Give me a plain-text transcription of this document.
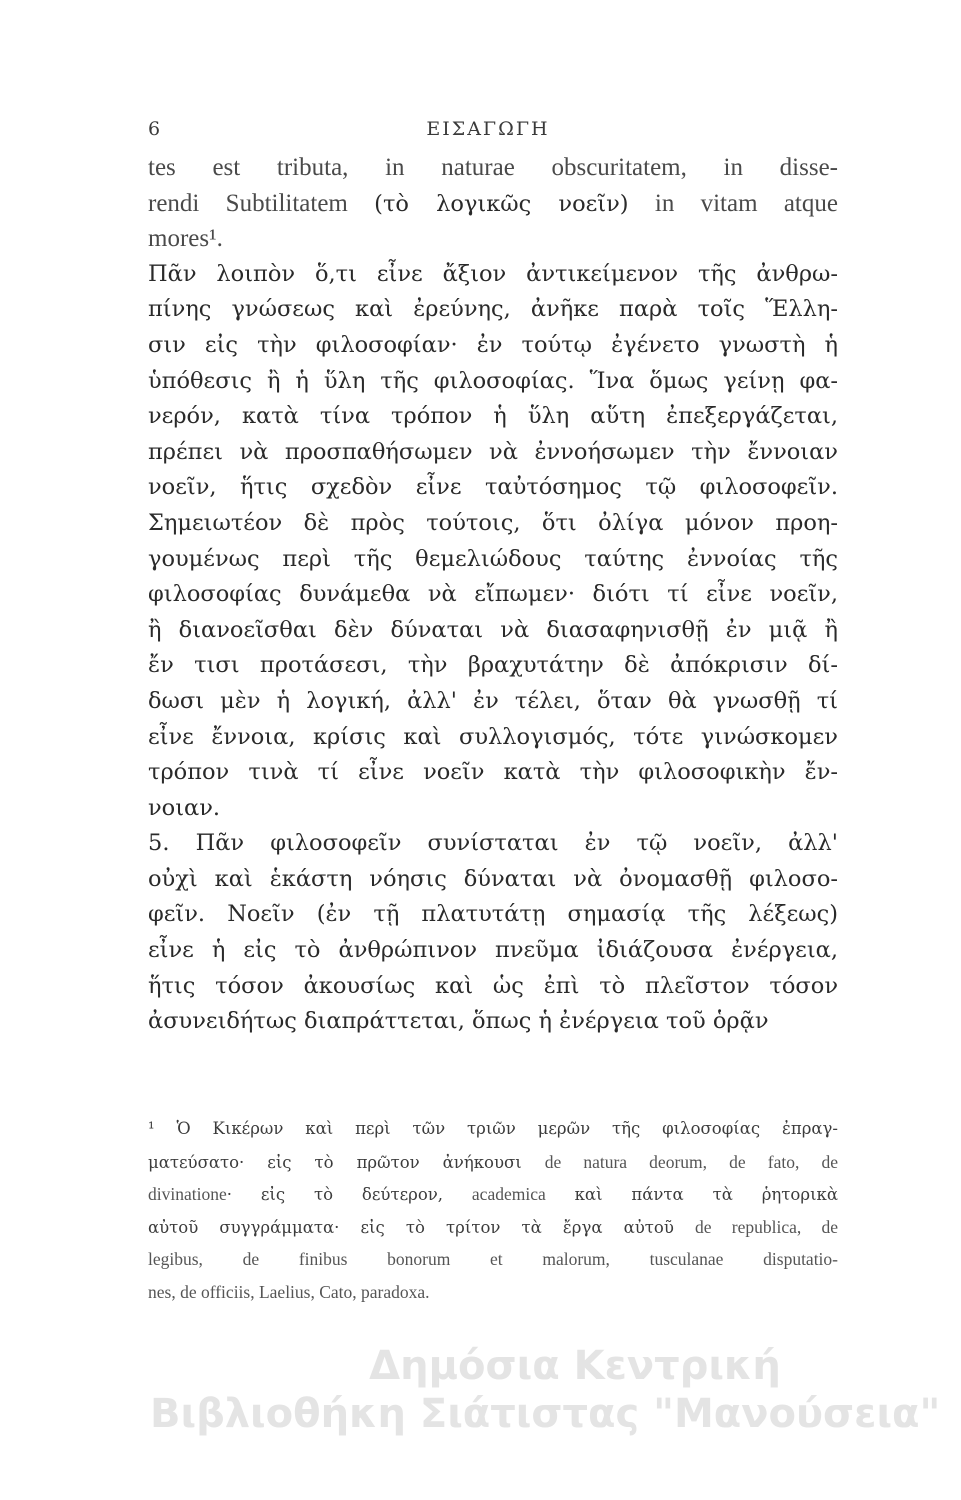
6	ΕΙΣΑΓΩΓΗ
tes est tributa, in naturae obscuritatem, in disse-
rendi Subtilitatem (τὸ λογικῶς νοεῖν) in vitam atque
mores¹.
Πᾶν λοιπὸν ὅ,τι εἶνε ἄξιον ἀντικείμενον τῆς ἀνθρω-
πίνης γνώσεως καὶ ἐρεύνης, ἀνῆκε παρὰ τοῖς Ἕλλη-
σιν εἰς τὴν φιλοσοφίαν· ἐν τούτῳ ἐγένετο γνωστὴ ἡ
ὑπόθεσις ἢ ἡ ὕλη τῆς φιλοσοφίας. Ἵνα ὅμως γείνῃ φα-
νερόν, κατὰ τίνα τρόπον ἡ ὕλη αὕτη ἐπεξεργάζεται,
πρέπει νὰ προσπαθήσωμεν νὰ ἐννοήσωμεν τὴν ἔννοιαν
νοεῖν, ἥτις σχεδὸν εἶνε ταὐτόσημος τῷ φιλοσοφεῖν.
Σημειωτέον δὲ πρὸς τούτοις, ὅτι ὀλίγα μόνον προη-
γουμένως περὶ τῆς θεμελιώδους ταύτης ἐννοίας τῆς
φιλοσοφίας δυνάμεθα νὰ εἴπωμεν· διότι τί εἶνε νοεῖν,
ἢ διανοεῖσθαι δὲν δύναται νὰ διασαφηνισθῇ ἐν μιᾷ ἢ
ἔν τισι προτάσεσι, τὴν βραχυτάτην δὲ ἀπόκρισιν δί-
δωσι μὲν ἡ λογική, ἀλλ' ἐν τέλει, ὅταν θὰ γνωσθῇ τί
εἶνε ἔννοια, κρίσις καὶ συλλογισμός, τότε γινώσκομεν
τρόπον τινὰ τί εἶνε νοεῖν κατὰ τὴν φιλοσοφικὴν ἔν-
νοιαν.
5. Πᾶν φιλοσοφεῖν συνίσταται ἐν τῷ νοεῖν, ἀλλ'
οὐχὶ καὶ ἑκάστη νόησις δύναται νὰ ὀνομασθῇ φιλοσο-
φεῖν. Νοεῖν (ἐν τῇ πλατυτάτῃ σημασίᾳ τῆς λέξεως)
εἶνε ἡ εἰς τὸ ἀνθρώπινον πνεῦμα ἰδιάζουσα ἐνέργεια,
ἥτις τόσον ἀκουσίως καὶ ὡς ἐπὶ τὸ πλεῖστον τόσον
ἀσυνειδήτως διαπράττεται, ὅπως ἡ ἐνέργεια τοῦ ὁρᾷν
¹ Ὁ Κικέρων καὶ περὶ τῶν τριῶν μερῶν τῆς φιλοσοφίας ἐπραγ-
ματεύσατο· εἰς τὸ πρῶτον ἀνήκουσι de natura deorum, de fato, de
divinatione· εἰς τὸ δεύτερον, academica καὶ πάντα τὰ ῥητορικὰ
αὐτοῦ συγγράμματα· εἰς τὸ τρίτον τὰ ἔργα αὐτοῦ de republica, de
legibus, de finibus bonorum et malorum, tusculanae disputatio-
nes, de officiis, Laelius, Cato, paradoxa.
Δημόσια Κεντρική
Βιβλιοθήκη Σιάτιστας "Μανούσεια"
